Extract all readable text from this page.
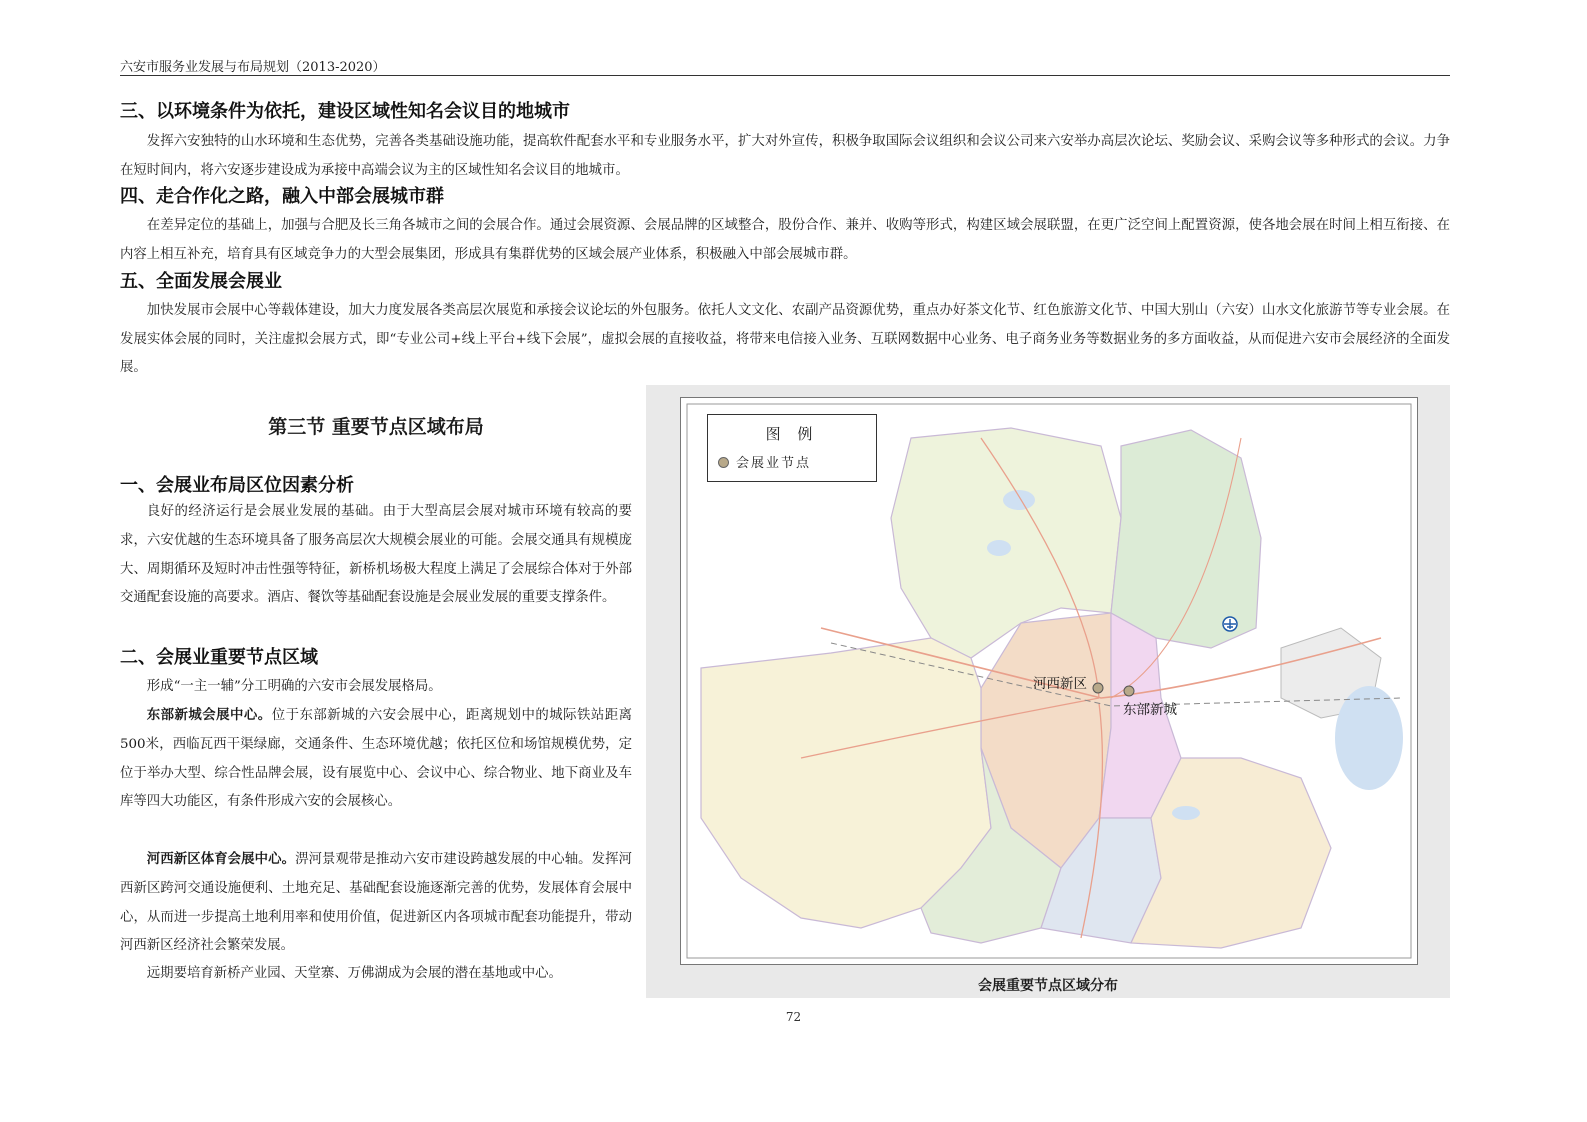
六安市服务业发展与布局规划（2013-2020）
三、以环境条件为依托，建设区域性知名会议目的地城市
发挥六安独特的山水环境和生态优势，完善各类基础设施功能，提高软件配套水平和专业服务水平，扩大对外宣传，积极争取国际会议组织和会议公司来六安举办高层次论坛、奖励会议、采购会议等多种形式的会议。力争在短时间内，将六安逐步建设成为承接中高端会议为主的区域性知名会议目的地城市。
四、走合作化之路，融入中部会展城市群
在差异定位的基础上，加强与合肥及长三角各城市之间的会展合作。通过会展资源、会展品牌的区域整合，股份合作、兼并、收购等形式，构建区域会展联盟，在更广泛空间上配置资源，使各地会展在时间上相互衔接、在内容上相互补充，培育具有区域竞争力的大型会展集团，形成具有集群优势的区域会展产业体系，积极融入中部会展城市群。
五、全面发展会展业
加快发展市会展中心等载体建设，加大力度发展各类高层次展览和承接会议论坛的外包服务。依托人文文化、农副产品资源优势，重点办好茶文化节、红色旅游文化节、中国大别山（六安）山水文化旅游节等专业会展。在发展实体会展的同时，关注虚拟会展方式，即“专业公司+线上平台+线下会展”，虚拟会展的直接收益，将带来电信接入业务、互联网数据中心业务、电子商务业务等数据业务的多方面收益，从而促进六安市会展经济的全面发展。
第三节 重要节点区域布局
一、会展业布局区位因素分析
良好的经济运行是会展业发展的基础。由于大型高层会展对城市环境有较高的要求，六安优越的生态环境具备了服务高层次大规模会展业的可能。会展交通具有规模庞大、周期循环及短时冲击性强等特征，新桥机场极大程度上满足了会展综合体对于外部交通配套设施的高要求。酒店、餐饮等基础配套设施是会展业发展的重要支撑条件。
二、会展业重要节点区域
形成“一主一辅”分工明确的六安市会展发展格局。
东部新城会展中心。位于东部新城的六安会展中心，距离规划中的城际铁站距离500米，西临瓦西干渠绿廊，交通条件、生态环境优越；依托区位和场馆规模优势，定位于举办大型、综合性品牌会展，设有展览中心、会议中心、综合物业、地下商业及车库等四大功能区，有条件形成六安的会展核心。
河西新区体育会展中心。淠河景观带是推动六安市建设跨越发展的中心轴。发挥河西新区跨河交通设施便利、土地充足、基础配套设施逐渐完善的优势，发展体育会展中心，从而进一步提高土地利用率和使用价值，促进新区内各项城市配套功能提升，带动河西新区经济社会繁荣发展。
远期要培育新桥产业园、天堂寨、万佛湖成为会展的潜在基地或中心。
图 例
会展业节点
河西新区
东部新城
会展重要节点区域分布
72
